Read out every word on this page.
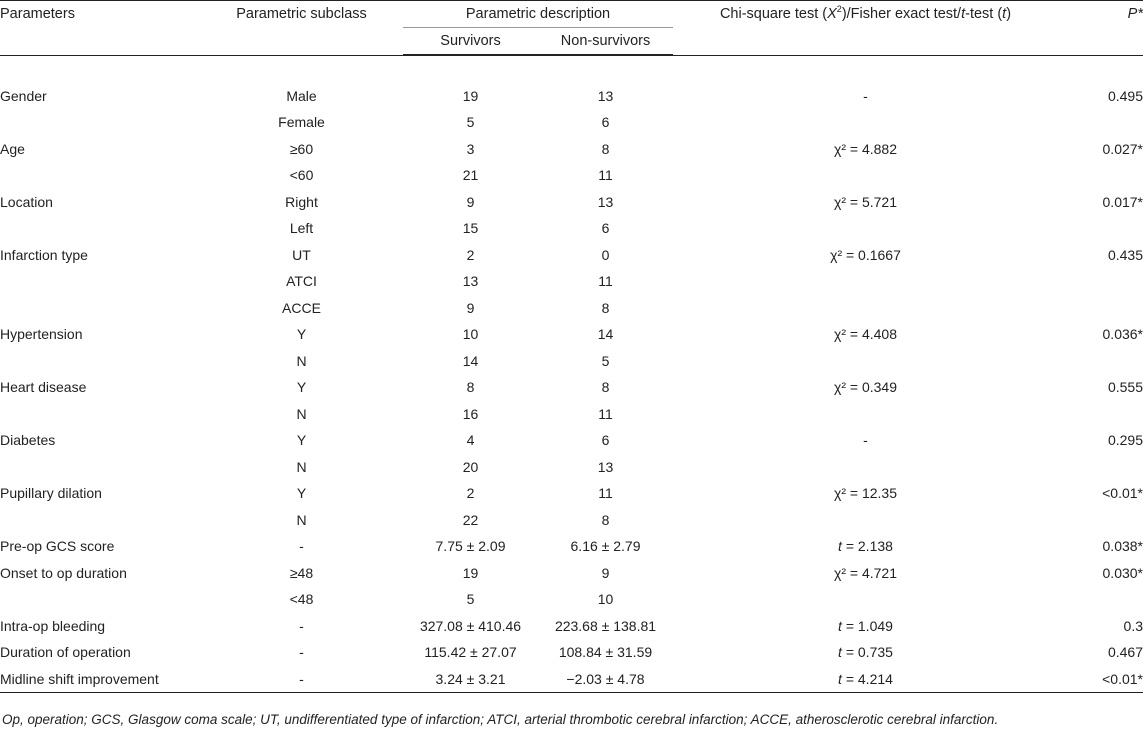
Parameters	Parametric subclass	Parametric description		Chi-square test $(X^2)$/Fisher exact test/t-test (t)	P*	
		Survivors	Non-survivors		

Gender	Male	19	13	-	0.495
	Female	5	6		
Age	≥60	3	8	χ² = 4.882	0.027*
	<60	21	11		
Location	Right	9	13	χ² = 5.721	0.017*
	Left	15	6		
Infarction type	UT	2	0	χ² = 0.1667	0.435
	ATCI	13	11		
	ACCE	9	8		
Hypertension	Y	10	14	χ² = 4.408	0.036*
	N	14	5		
Heart disease	Y	8	8	χ² = 0.349	0.555
	N	16	11		
Diabetes	Y	4	6	-	0.295
	N	20	13		
Pupillary dilation	Y	2	11	χ² = 12.35	<0.01*
	N	22	8		
Pre-op GCS score	-	7.75 ± 2.09	6.16 ± 2.79	t = 2.138	0.038*
Onset to op duration	≥48	19	9	χ² = 4.721	0.030*
	<48	5	10		
Intra-op bleeding	-	327.08 ± 410.46	223.68 ± 138.81	t = 1.049	0.3
Duration of operation	-	115.42 ± 27.07	108.84 ± 31.59	t = 0.735	0.467
Midline shift improvement	-	3.24 ± 3.21	−2.03 ± 4.78	t = 4.214	<0.01*
Op, operation; GCS, Glasgow coma scale; UT, undifferentiated type of infarction; ATCI, arterial thrombotic cerebral infarction; ACCE, atherosclerotic cerebral infarction.
